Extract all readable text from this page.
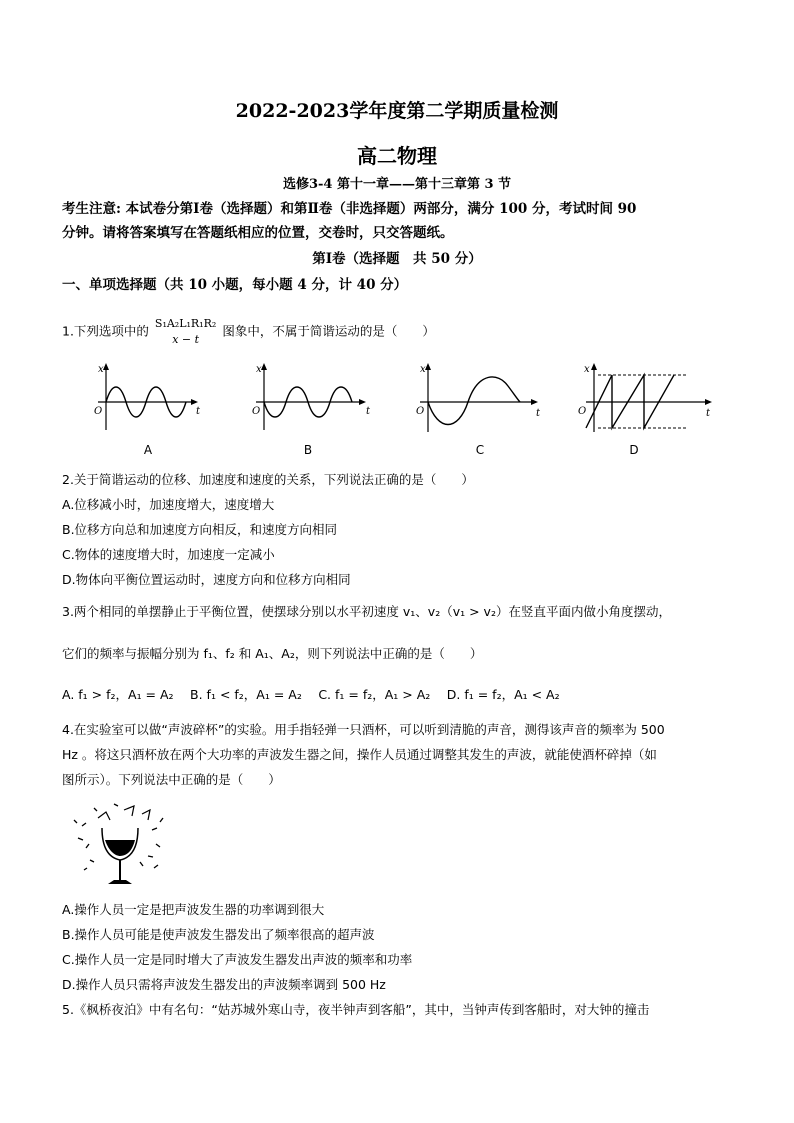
2022-2023学年度第二学期质量检测
高二物理
选修3-4 第十一章——第十三章第 3 节
考生注意: 本试卷分第Ⅰ卷（选择题）和第Ⅱ卷（非选择题）两部分，满分 100 分，考试时间 90
分钟。请将答案填写在答题纸相应的位置，交卷时，只交答题纸。
第Ⅰ卷（选择题　共 50 分）
一、单项选择题（共 10 小题，每小题 4 分，计 40 分）
1.下列选项中的 S₁A₂L₁R₁R₂
x − t
图象中，不属于简谐运动的是（　　）
x
O	t
A
x
O	t
B
x
O	t
C
x
O	t
D
2.关于简谐运动的位移、加速度和速度的关系，下列说法正确的是（　　）
A.位移减小时，加速度增大，速度增大
B.位移方向总和加速度方向相反，和速度方向相同
C.物体的速度增大时，加速度一定减小
D.物体向平衡位置运动时，速度方向和位移方向相同
3.两个相同的单摆静止于平衡位置，使摆球分别以水平初速度 v₁、v₂（v₁ > v₂）在竖直平面内做小角度摆动，
它们的频率与振幅分别为 f₁、f₂ 和 A₁、A₂，则下列说法中正确的是（　　）
A. f₁ > f₂，A₁ = A₂　 B. f₁ < f₂，A₁ = A₂　 C. f₁ = f₂，A₁ > A₂　 D. f₁ = f₂，A₁ < A₂
4.在实验室可以做“声波碎杯”的实验。用手指轻弹一只酒杯，可以听到清脆的声音，测得该声音的频率为 500
Hz 。将这只酒杯放在两个大功率的声波发生器之间，操作人员通过调整其发生的声波，就能使酒杯碎掉（如
图所示）。下列说法中正确的是（　　）
A.操作人员一定是把声波发生器的功率调到很大
B.操作人员可能是使声波发生器发出了频率很高的超声波
C.操作人员一定是同时增大了声波发生器发出声波的频率和功率
D.操作人员只需将声波发生器发出的声波频率调到 500 Hz
5.《枫桥夜泊》中有名句：“姑苏城外寒山寺，夜半钟声到客船”，其中，当钟声传到客船时，对大钟的撞击
